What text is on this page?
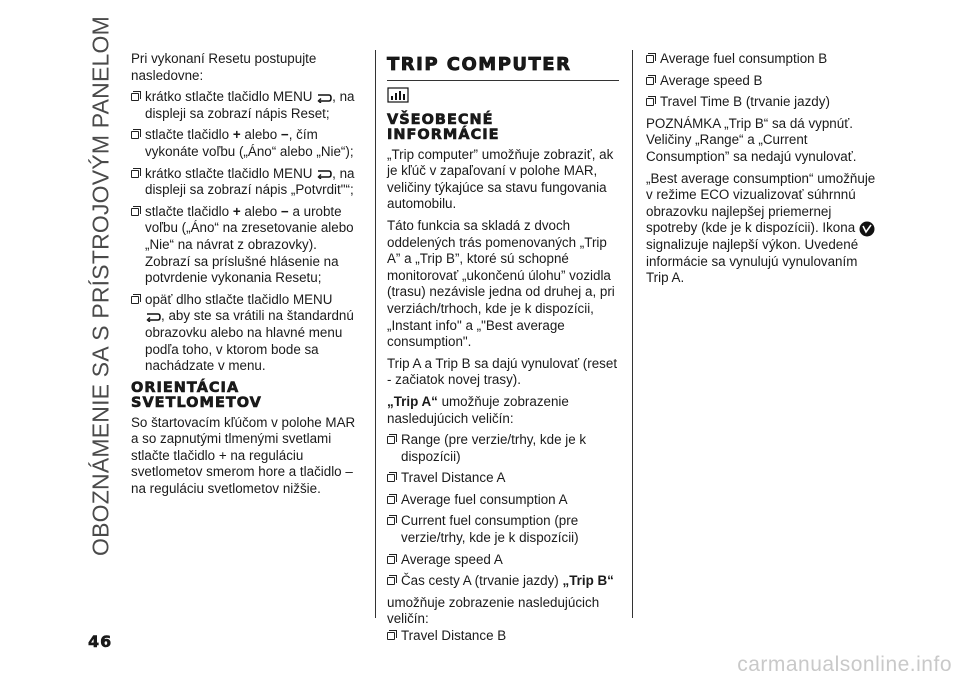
OBOZNÁMENIE SA S PRÍSTROJOVÝM PANELOM Pri vykonaní Resetu postupujte nasledovne:

krátko stlačte tlačidlo MENU , na displeji sa zobrazí nápis Reset;

stlačte tlačidlo + alebo −, čím vykonáte voľbu („Áno“ alebo „Nie“);

krátko stlačte tlačidlo MENU , na displeji sa zobrazí nápis „Potvrdit"“;

stlačte tlačidlo + alebo − a urobte voľbu („Áno“ na zresetovanie alebo „Nie“ na návrat z obrazovky). Zobrazí sa príslušné hlásenie na potvrdenie vykonania Resetu;

opäť dlho stlačte tlačidlo MENU
, aby ste sa vrátili na štandardnú obrazovku alebo na hlavné menu podľa toho, v ktorom bode sa nachádzate v menu.

ORIENTÁCIA SVETLOMETOV

So štartovacím kľúčom v polohe MAR a so zapnutými tlmenými svetlami stlačte tlačidlo + na reguláciu svetlometov smerom hore a tlačidlo – na reguláciu svetlometov nižšie.

TRIP COMPUTER
VŠEOBECNÉ INFORMÁCIE

„Trip computer” umožňuje zobraziť, ak je kľúč v zapaľovaní v polohe MAR, veličiny týkajúce sa stavu fungovania automobilu.

Táto funkcia sa skladá z dvoch oddelených trás pomenovaných „Trip A” a „Trip B”, ktoré sú schopné monitorovať „ukončenú úlohu” vozidla (trasu) nezávisle jedna od druhej a, pri verziách/trhoch, kde je k dispozícii, „Instant info" a „"Best average consumption".

Trip A a Trip B sa dajú vynulovať (reset - začiatok novej trasy).

„Trip A“ umožňuje zobrazenie nasledujúcich veličín:

Range (pre verzie/trhy, kde je k dispozícii)

Travel Distance A

Average fuel consumption A

Current fuel consumption (pre verzie/trhy, kde je k dispozícii)

Average speed A

Čas cesty A (trvanie jazdy) „Trip B“

umožňuje zobrazenie nasledujúcich veličín:

Travel Distance B

Average fuel consumption B

Average speed B

Travel Time B (trvanie jazdy)

POZNÁMKA „Trip B“ sa dá vypnúť. Veličiny „Range“ a „Current Consumption” sa nedajú vynulovať.

„Best average consumption“ umožňuje v režime ECO vizualizovať súhrnnú obrazovku najlepšej priemernej spotreby (kde je k dispozícii). Ikona  signalizuje najlepší výkon. Uvedené informácie sa vynulujú vynulovaním Trip A.

46
carmanualsonline.info
